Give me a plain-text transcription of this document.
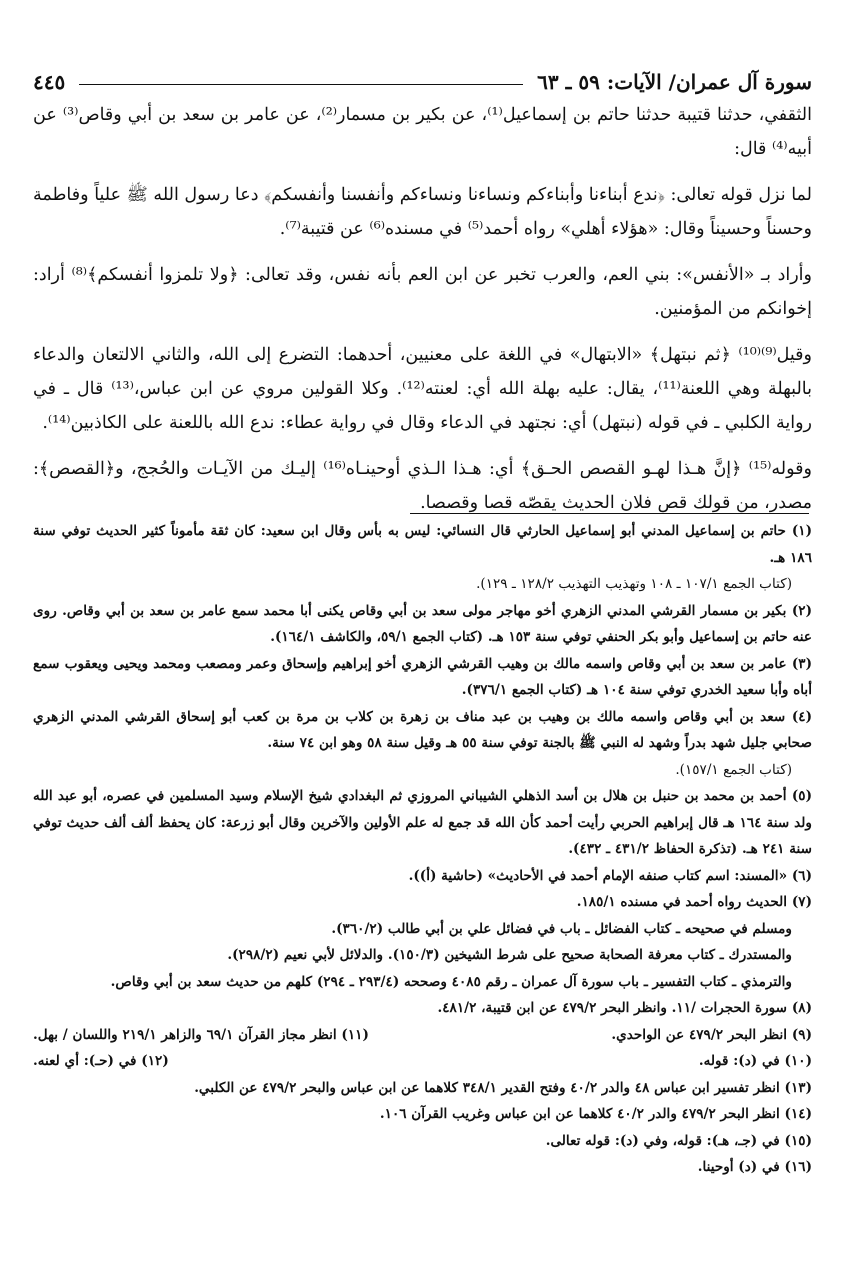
سورة آل عمران/ الآيات: ٥٩ ـ ٦٣
٤٤٥

الثقفي، حدثنا قتيبة حدثنا حاتم بن إسماعيل⁽¹⁾، عن بكير بن مسمار⁽²⁾، عن عامر بن سعد بن أبي وقاص⁽³⁾ عن أبيه⁽⁴⁾ قال:

لما نزل قوله تعالى: ﴿ندع أبناءنا وأبناءكم ونساءنا ونساءكم وأنفسنا وأنفسكم﴾ دعا رسول الله ﷺ علياً وفاطمة وحسناً وحسيناً وقال: «هؤلاء أهلي» رواه أحمد⁽⁵⁾ في مسنده⁽⁶⁾ عن قتيبة⁽⁷⁾.

وأراد بـ «الأنفس»: بني العم، والعرب تخبر عن ابن العم بأنه نفس، وقد تعالى: ﴿ولا تلمزوا أنفسكم﴾⁽⁸⁾ أراد: إخوانكم من المؤمنين.

وقيل⁽⁹⁾⁽¹⁰⁾ ﴿ثم نبتهل﴾ «الابتهال» في اللغة على معنيين، أحدهما: التضرع إلى الله، والثاني الالتعان والدعاء بالبهلة وهي اللعنة⁽¹¹⁾، يقال: عليه بهلة الله أي: لعنته⁽¹²⁾. وكلا القولين مروي عن ابن عباس،⁽¹³⁾ قال ـ في رواية الكلبي ـ في قوله (نبتهل) أي: نجتهد في الدعاء وقال في رواية عطاء: ندع الله باللعنة على الكاذبين⁽¹⁴⁾.

وقوله⁽¹⁵⁾ ﴿إنَّ هـذا لهـو القصص الحـق﴾ أي: هـذا الـذي أوحينـاه⁽¹⁶⁾ إليـك من الآيـات والحُجج، و﴿القصص﴾: مصدر، من قولك قص فلان الحديث يقصّه قصا وقصصا.

(١) حاتم بن إسماعيل المدني أبو إسماعيل الحارثي قال النسائي: ليس به بأس وقال ابن سعيد: كان ثقة مأموناً كثير الحديث توفي سنة ١٨٦ هـ.

(كتاب الجمع ١٠٧/١ ـ ١٠٨ وتهذيب التهذيب ١٢٨/٢ ـ ١٢٩).

(٢) بكير بن مسمار القرشي المدني الزهري أخو مهاجر مولى سعد بن أبي وقاص يكنى أبا محمد سمع عامر بن سعد بن أبي وقاص. روى عنه حاتم بن إسماعيل وأبو بكر الحنفي توفي سنة ١٥٣ هـ. (كتاب الجمع ٥٩/١، والكاشف ١٦٤/١).

(٣) عامر بن سعد بن أبي وقاص واسمه مالك بن وهيب القرشي الزهري أخو إبراهيم وإسحاق وعمر ومصعب ومحمد ويحيى ويعقوب سمع أباه وأبا سعيد الخدري توفي سنة ١٠٤ هـ (كتاب الجمع ٣٧٦/١).

(٤) سعد بن أبي وقاص واسمه مالك بن وهيب بن عبد مناف بن زهرة بن كلاب بن مرة بن كعب أبو إسحاق القرشي المدني الزهري صحابي جليل شهد بدراً وشهد له النبي ﷺ بالجنة توفي سنة ٥٥ هـ وقيل سنة ٥٨ وهو ابن ٧٤ سنة.

(كتاب الجمع ١٥٧/١).

(٥) أحمد بن محمد بن حنبل بن هلال بن أسد الذهلي الشيباني المروزي ثم البغدادي شيخ الإسلام وسيد المسلمين في عصره، أبو عبد الله ولد سنة ١٦٤ هـ قال إبراهيم الحربي رأيت أحمد كأن الله قد جمع له علم الأولين والآخرين وقال أبو زرعة: كان يحفظ ألف ألف حديث توفي سنة ٢٤١ هـ. (تذكرة الحفاظ ٤٣١/٢ ـ ٤٣٢).

(٦) «المسند: اسم كتاب صنفه الإمام أحمد في الأحاديث» (حاشية (أ)).

(٧) الحديث رواه أحمد في مسنده ١٨٥/١.

ومسلم في صحيحه ـ كتاب الفضائل ـ باب في فضائل علي بن أبي طالب (٣٦٠/٢).

والمستدرك ـ كتاب معرفة الصحابة صحيح على شرط الشيخين (١٥٠/٣). والدلائل لأبي نعيم (٢٩٨/٢).

والترمذي ـ كتاب التفسير ـ باب سورة آل عمران ـ رقم ٤٠٨٥ وصححه (٢٩٣/٤ ـ ٢٩٤) كلهم من حديث سعد بن أبي وقاص.

(٨) سورة الحجرات /١١. وانظر البحر ٤٧٩/٢ عن ابن قتيبة، ٤٨١/٢.

(٩) انظر البحر ٤٧٩/٢ عن الواحدي.
(١١) انظر مجاز القرآن ٦٩/١ والزاهر ٢١٩/١ واللسان / بهل.
(١٠) في (د): قوله.
(١٢) في (حـ): أي لعنه.

(١٣) انظر تفسير ابن عباس ٤٨ والدر ٤٠/٢ وفتح القدير ٣٤٨/١ كلاهما عن ابن عباس والبحر ٤٧٩/٢ عن الكلبي.

(١٤) انظر البحر ٤٧٩/٢ والدر ٤٠/٢ كلاهما عن ابن عباس وغريب القرآن ١٠٦.

(١٥) في (جـ، هـ): قوله، وفي (د): قوله تعالى.

(١٦) في (د) أوحينا.
